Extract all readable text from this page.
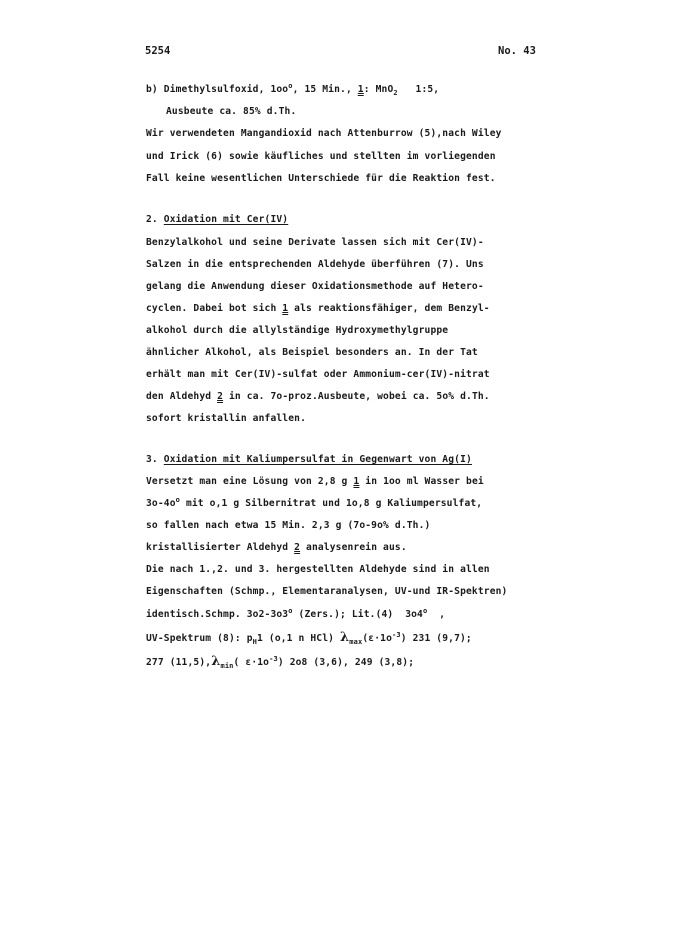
5254	No. 43
b) Dimethylsulfoxid, $1oo^o$, 15 Min., 1: MnO$_2$   1:5,
Ausbeute ca. 85% d.Th.
Wir verwendeten Mangandioxid nach Attenburrow (5),nach Wiley
und Irick (6) sowie käufliches und stellten im vorliegenden
Fall keine wesentlichen Unterschiede für die Reaktion fest.
2. Oxidation mit Cer(IV)
Benzylalkohol und seine Derivate lassen sich mit Cer(IV)-
Salzen in die entsprechenden Aldehyde überführen (7). Uns
gelang die Anwendung dieser Oxidationsmethode auf Hetero-
cyclen. Dabei bot sich 1 als reaktionsfähiger, dem Benzyl-
alkohol durch die allylständige Hydroxymethylgruppe
ähnlicher Alkohol, als Beispiel besonders an. In der Tat
erhält man mit Cer(IV)-sulfat oder Ammonium-cer(IV)-nitrat
den Aldehyd 2 in ca. 7o-proz.Ausbeute, wobei ca. 5o% d.Th.
sofort kristallin anfallen.
3. Oxidation mit Kaliumpersulfat in Gegenwart von Ag(I)
Versetzt man eine Lösung von 2,8 g 1 in 1oo ml Wasser bei
$3o-4o^o$ mit o,1 g Silbernitrat und 1o,8 g Kaliumpersulfat,
so fallen nach etwa 15 Min. 2,3 g (7o-9o% d.Th.)
kristallisierter Aldehyd 2 analysenrein aus.
Die nach 1.,2. und 3. hergestellten Aldehyde sind in allen
Eigenschaften (Schmp., Elementaranalysen, UV-und IR-Spektren)
identisch.Schmp. 3o2-3o3$^o$ (Zers.); Lit.(4)  3o4$^o$  ,
UV-Spektrum (8): $p_H1$ (o,1 n HCl) $\lambda_{max}(\varepsilon\cdot 1o^{-3})$ 231 (9,7);
277 $(11,5),\lambda_{min}$( $\varepsilon\cdot 1o^{-3}$) 2o8 (3,6), 249 (3,8);
